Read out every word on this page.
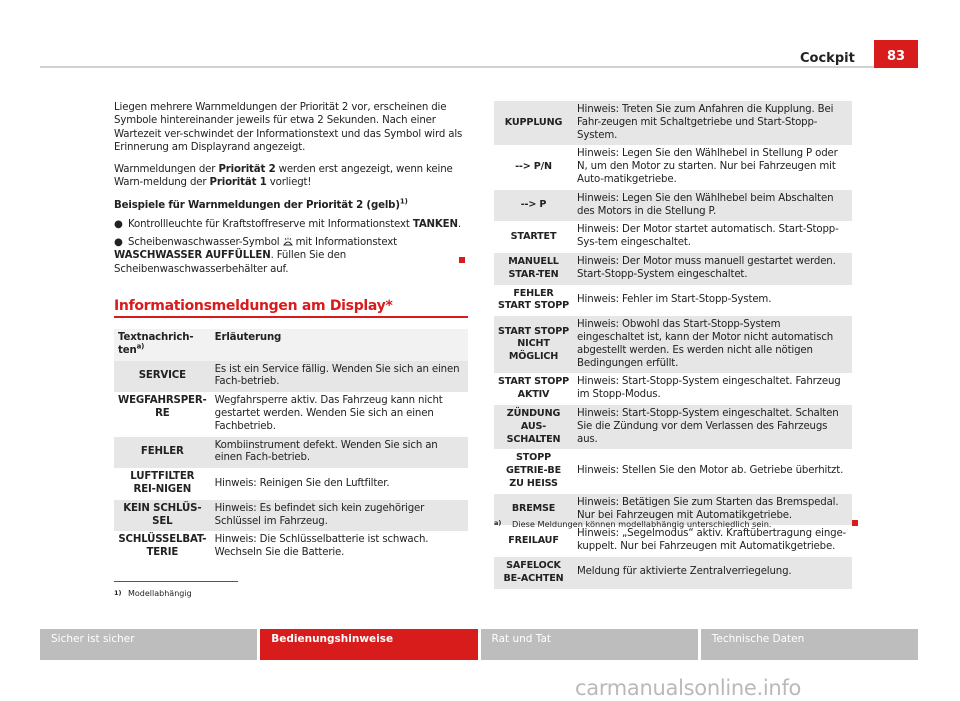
Cockpit	83
Liegen mehrere Warnmeldungen der Priorität 2 vor, erscheinen die Symbole hintereinander jeweils für etwa 2 Sekunden. Nach einer Wartezeit ver-schwindet der Informationstext und das Symbol wird als Erinnerung am Displayrand angezeigt.
Warnmeldungen der Priorität 2 werden erst angezeigt, wenn keine Warn-meldung der Priorität 1 vorliegt!
Beispiele für Warnmeldungen der Priorität 2 (gelb)$^{1)}$
● Kontrollleuchte für Kraftstoffreserve mit Informationstext TANKEN.
● Scheibenwaschwasser-Symbol  mit Informationstext WASCHWASSER AUFFÜLLEN. Füllen Sie den Scheibenwaschwasserbehälter auf.
Informationsmeldungen am Display*
Textnachrich-ten$^{a)}$	Erläuterung
SERVICE	Es ist ein Service fällig. Wenden Sie sich an einen Fach-betrieb.
WEGFAHRSPER-RE	Wegfahrsperre aktiv. Das Fahrzeug kann nicht gestartet werden. Wenden Sie sich an einen Fachbetrieb.
FEHLER	Kombiinstrument defekt. Wenden Sie sich an einen Fach-betrieb.
LUFTFILTER REI-NIGEN	Hinweis: Reinigen Sie den Luftfilter.
KEIN SCHLÜS-SEL	Hinweis: Es befindet sich kein zugehöriger Schlüssel im Fahrzeug.
SCHLÜSSELBAT-TERIE	Hinweis: Die Schlüsselbatterie ist schwach. Wechseln Sie die Batterie.
KUPPLUNG	Hinweis: Treten Sie zum Anfahren die Kupplung. Bei Fahr-zeugen mit Schaltgetriebe und Start-Stopp-System.
--> P/N	Hinweis: Legen Sie den Wählhebel in Stellung P oder N, um den Motor zu starten. Nur bei Fahrzeugen mit Auto-matikgetriebe.
--> P	Hinweis: Legen Sie den Wählhebel beim Abschalten des Motors in die Stellung P.
STARTET	Hinweis: Der Motor startet automatisch. Start-Stopp-Sys-tem eingeschaltet.
MANUELL STAR-TEN	Hinweis: Der Motor muss manuell gestartet werden. Start-Stopp-System eingeschaltet.
FEHLER START STOPP	Hinweis: Fehler im Start-Stopp-System.
START STOPP NICHT MÖGLICH	Hinweis: Obwohl das Start-Stopp-System eingeschaltet ist, kann der Motor nicht automatisch abgestellt werden. Es werden nicht alle nötigen Bedingungen erfüllt.
START STOPP AKTIV	Hinweis: Start-Stopp-System eingeschaltet. Fahrzeug im Stopp-Modus.
ZÜNDUNG AUS-SCHALTEN	Hinweis: Start-Stopp-System eingeschaltet. Schalten Sie die Zündung vor dem Verlassen des Fahrzeugs aus.
STOPP GETRIE-BE ZU HEISS	Hinweis: Stellen Sie den Motor ab. Getriebe überhitzt.
BREMSE	Hinweis: Betätigen Sie zum Starten das Bremspedal. Nur bei Fahrzeugen mit Automatikgetriebe.
FREILAUF	Hinweis: „Segelmodus“ aktiv. Kraftübertragung einge-kuppelt. Nur bei Fahrzeugen mit Automatikgetriebe.
SAFELOCK BE-ACHTEN	Meldung für aktivierte Zentralverriegelung.
a) Diese Meldungen können modellabhängig unterschiedlich sein.
1) Modellabhängig
Sicher ist sicher	Bedienungshinweise	Rat und Tat	Technische Daten
carmanualsonline.info
